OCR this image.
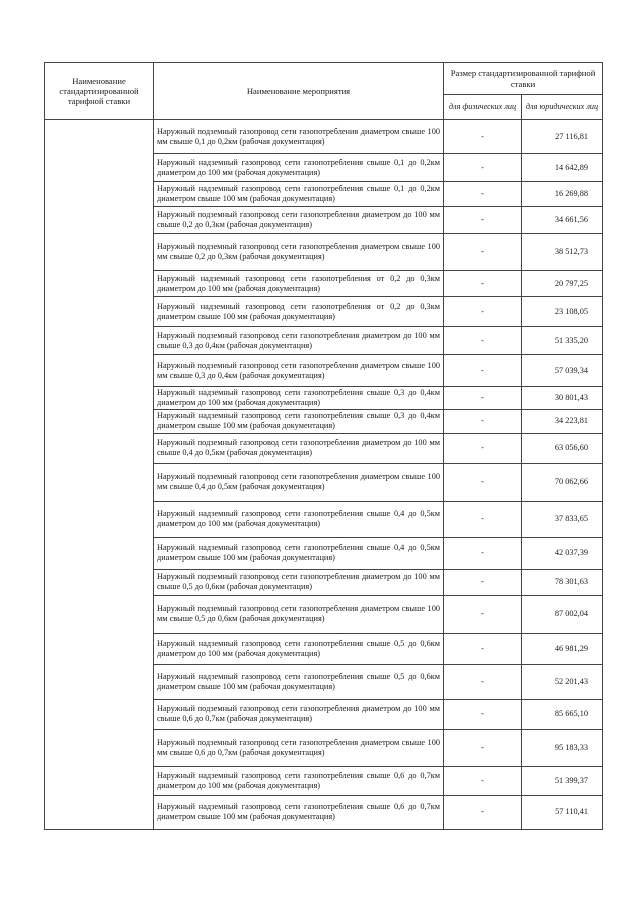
Наименование стандартизированной тарифной ставки	Наименование мероприятия	Размер стандартизированной тарифной ставки	
		для физических лиц	для юридических лиц
	Наружный подземный газопровод сети газопотребления диаметром свыше 100 мм свыше 0,1 до 0,2км (рабочая документация)	-	27 116,81
	Наружный надземный газопровод сети газопотребления свыше 0,1 до 0,2км диаметром до 100 мм (рабочая документация)	-	14 642,89
	Наружный надземный газопровод сети газопотребления свыше 0,1 до 0,2км диаметром свыше 100 мм (рабочая документация)	-	16 269,88
	Наружный подземный газопровод сети газопотребления диаметром до 100 мм свыше 0,2 до 0,3км (рабочая документация)	-	34 661,56
	Наружный подземный газопровод сети газопотребления диаметром свыше 100 мм свыше 0,2 до 0,3км (рабочая документация)	-	38 512,73
	Наружный надземный газопровод сети газопотребления от 0,2 до 0,3км диаметром до 100 мм (рабочая документация)	-	20 797,25
	Наружный надземный газопровод сети газопотребления от 0,2 до 0,3км диаметром свыше 100 мм (рабочая документация)	-	23 108,05
	Наружный подземный газопровод сети газопотребления диаметром до 100 мм свыше 0,3 до 0,4км (рабочая документация)	-	51 335,20
	Наружный подземный газопровод сети газопотребления диаметром свыше 100 мм свыше 0,3 до 0,4км (рабочая документация)	-	57 039,34
	Наружный надземный газопровод сети газопотребления свыше 0,3 до 0,4км диаметром до 100 мм (рабочая документация)	-	30 801,43
	Наружный надземный газопровод сети газопотребления свыше 0,3 до 0,4км диаметром свыше 100 мм (рабочая документация)	-	34 223,81
	Наружный подземный газопровод сети газопотребления диаметром до 100 мм свыше 0,4 до 0,5км (рабочая документация)	-	63 056,60
	Наружный подземный газопровод сети газопотребления диаметром свыше 100 мм свыше 0,4 до 0,5км (рабочая документация)	-	70 062,66
	Наружный надземный газопровод сети газопотребления свыше 0,4 до 0,5км диаметром до 100 мм (рабочая документация)	-	37 833,65
	Наружный надземный газопровод сети газопотребления свыше 0,4 до 0,5км диаметром свыше 100 мм (рабочая документация)	-	42 037,39
	Наружный подземный газопровод сети газопотребления диаметром до 100 мм свыше 0,5 до 0,6км (рабочая документация)	-	78 301,63
	Наружный подземный газопровод сети газопотребления диаметром свыше 100 мм свыше 0,5 до 0,6км (рабочая документация)	-	87 002,04
	Наружный надземный газопровод сети газопотребления свыше 0,5 до 0,6км диаметром до 100 мм (рабочая документация)	-	46 981,29
	Наружный надземный газопровод сети газопотребления свыше 0,5 до 0,6км диаметром свыше 100 мм (рабочая документация)	-	52 201,43
	Наружный подземный газопровод сети газопотребления диаметром до 100 мм свыше 0,6 до 0,7км (рабочая документация)	-	85 665,10
	Наружный подземный газопровод сети газопотребления диаметром свыше 100 мм свыше 0,6 до 0,7км (рабочая документация)	-	95 183,33
	Наружный надземный газопровод сети газопотребления свыше 0,6 до 0,7км диаметром до 100 мм (рабочая документация)	-	51 399,37
	Наружный надземный газопровод сети газопотребления свыше 0,6 до 0,7км диаметром свыше 100 мм (рабочая документация)	-	57 110,41
